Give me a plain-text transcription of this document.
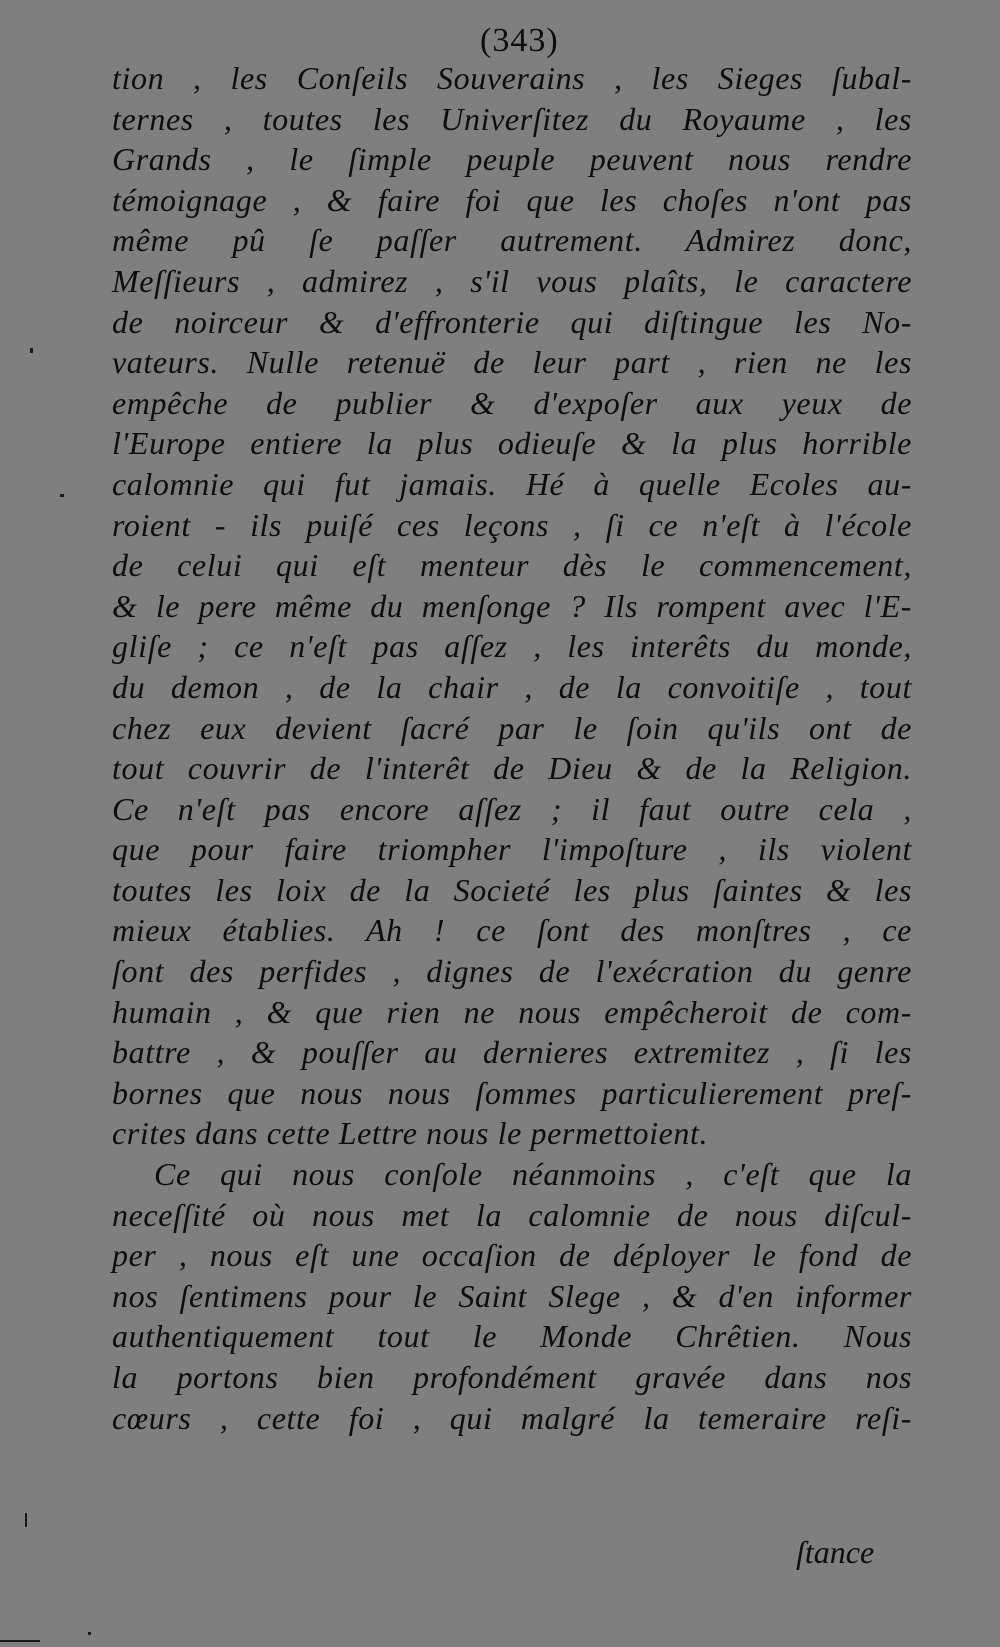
(343)
tion , les Conſeils Souverains , les Sieges ſubal-
ternes , toutes les Univerſitez du Royaume , les
Grands , le ſimple peuple peuvent nous rendre
témoignage , & faire foi que les choſes n'ont pas
même pû ſe paſſer autrement. Admirez donc,
Meſſieurs , admirez , s'il vous plaîts, le caractere
de noirceur & d'effronterie qui diſtingue les No-
vateurs. Nulle retenuë de leur part , rien ne les
empêche de publier & d'expoſer aux yeux de
l'Europe entiere la plus odieuſe & la plus horrible
calomnie qui fut jamais. Hé à quelle Ecoles au-
roient - ils puiſé ces leçons , ſi ce n'eſt à l'école
de celui qui eſt menteur dès le commencement,
& le pere même du menſonge ? Ils rompent avec l'E-
gliſe ; ce n'eſt pas aſſez , les interêts du monde,
du demon , de la chair , de la convoitiſe , tout
chez eux devient ſacré par le ſoin qu'ils ont de
tout couvrir de l'interêt de Dieu & de la Religion.
Ce n'eſt pas encore aſſez ; il faut outre cela ,
que pour faire triompher l'impoſture , ils violent
toutes les loix de la Societé les plus ſaintes & les
mieux établies. Ah ! ce ſont des monſtres , ce
ſont des perfides , dignes de l'exécration du genre
humain , & que rien ne nous empêcheroit de com-
battre , & pouſſer au dernieres extremitez , ſi les
bornes que nous nous ſommes particulierement preſ-
crites dans cette Lettre nous le permettoient.
Ce qui nous conſole néanmoins , c'eſt que la
neceſſité où nous met la calomnie de nous diſcul-
per , nous eſt une occaſion de déployer le fond de
nos ſentimens pour le Saint Slege , & d'en informer
authentiquement tout le Monde Chrêtien. Nous
la portons bien profondément gravée dans nos
cœurs , cette foi , qui malgré la temeraire reſi-
ſtance
